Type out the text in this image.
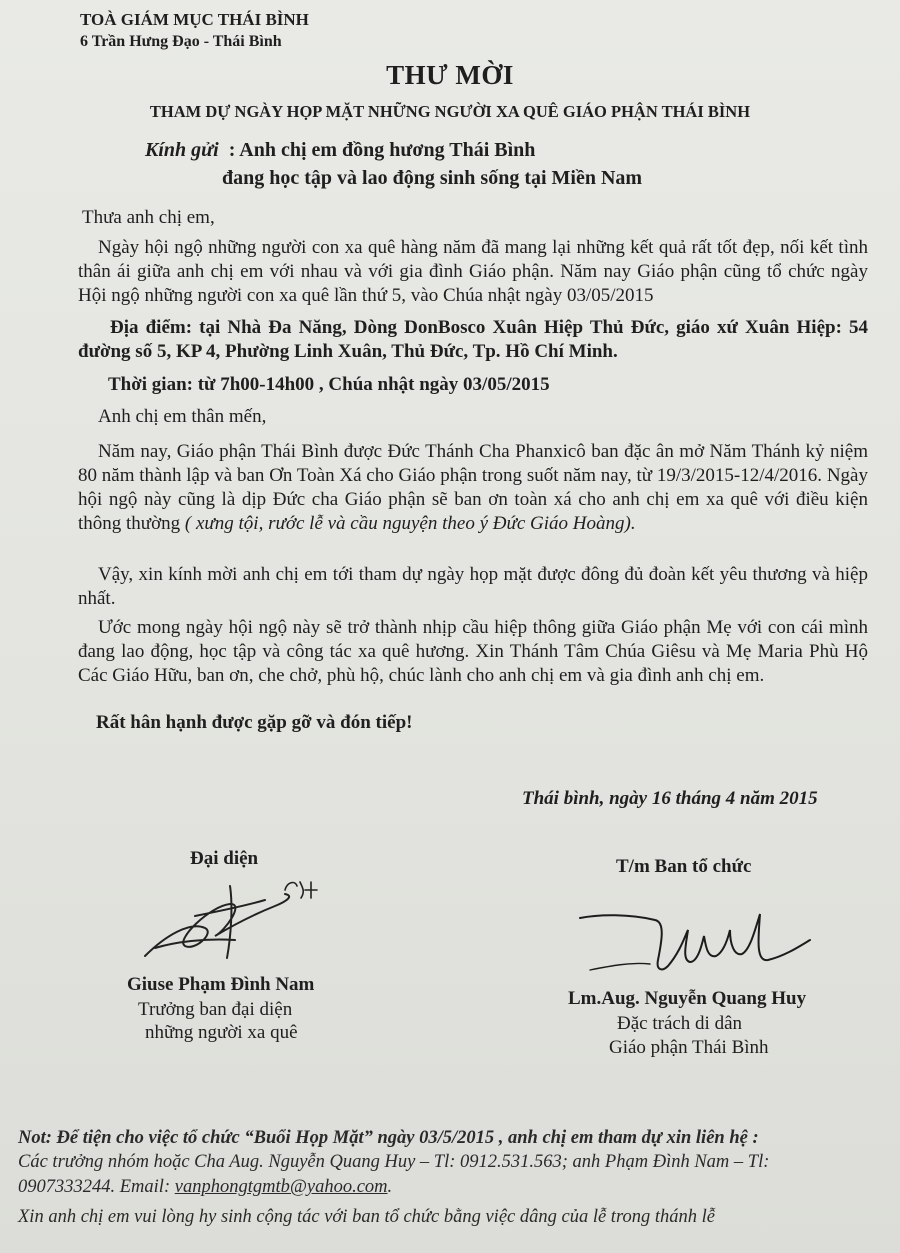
TOÀ GIÁM MỤC THÁI BÌNH
6 Trần Hưng Đạo - Thái Bình
THƯ MỜI
THAM DỰ NGÀY HỌP MẶT NHỮNG NGƯỜI XA QUÊ GIÁO PHẬN THÁI BÌNH
Kính gửi  : Anh chị em đồng hương Thái Bình
đang học tập và lao động sinh sống tại Miền Nam
Thưa anh chị em,
Ngày hội ngộ những người con xa quê hàng năm đã mang lại những kết quả rất tốt đẹp, nối kết tình thân ái giữa anh chị em với nhau và với gia đình Giáo phận. Năm nay Giáo phận cũng tổ chức ngày Hội ngộ những người con xa quê lần thứ 5, vào Chúa nhật ngày 03/05/2015
Địa điểm: tại Nhà Đa Năng, Dòng DonBosco Xuân Hiệp Thủ Đức, giáo xứ Xuân Hiệp: 54 đường số 5, KP 4, Phường Linh Xuân, Thủ Đức, Tp. Hồ Chí Minh.
Thời gian: từ 7h00-14h00 , Chúa nhật ngày 03/05/2015
Anh chị em thân mến,
Năm nay, Giáo phận Thái Bình được Đức Thánh Cha Phanxicô ban đặc ân mở Năm Thánh kỷ niệm 80 năm thành lập và ban Ơn Toàn Xá cho Giáo phận trong suốt năm nay, từ 19/3/2015-12/4/2016. Ngày hội ngộ này cũng là dịp Đức cha Giáo phận sẽ ban ơn toàn xá cho anh chị em xa quê với điều kiện thông thường ( xưng tội, rước lễ và cầu nguyện theo ý Đức Giáo Hoàng).
Vậy, xin kính mời anh chị em tới tham dự ngày họp mặt được đông đủ đoàn kết yêu thương và hiệp nhất.
Ước mong ngày hội ngộ này sẽ trở thành nhịp cầu hiệp thông giữa Giáo phận Mẹ với con cái mình đang lao động, học tập và công tác xa quê hương. Xin Thánh Tâm Chúa Giêsu và Mẹ Maria Phù Hộ Các Giáo Hữu, ban ơn, che chở, phù hộ, chúc lành cho anh chị em và gia đình anh chị em.
Rất hân hạnh được gặp gỡ và đón tiếp!
Thái bình, ngày 16 tháng 4 năm 2015
Đại diện
Giuse Phạm Đình Nam
Trưởng ban đại diện
những người xa quê
T/m Ban tổ chức
Lm.Aug. Nguyễn Quang Huy
Đặc trách di dân
Giáo phận Thái Bình
Not: Để tiện cho việc tổ chức “Buổi Họp Mặt” ngày 03/5/2015 , anh chị em tham dự xin liên hệ :
Các trưởng nhóm hoặc Cha Aug. Nguyễn Quang Huy – Tl: 0912.531.563; anh Phạm Đình Nam – Tl:
0907333244. Email: vanphongtgmtb@yahoo.com.
Xin anh chị em vui lòng hy sinh cộng tác với ban tổ chức bằng việc dâng của lễ trong thánh lễ
